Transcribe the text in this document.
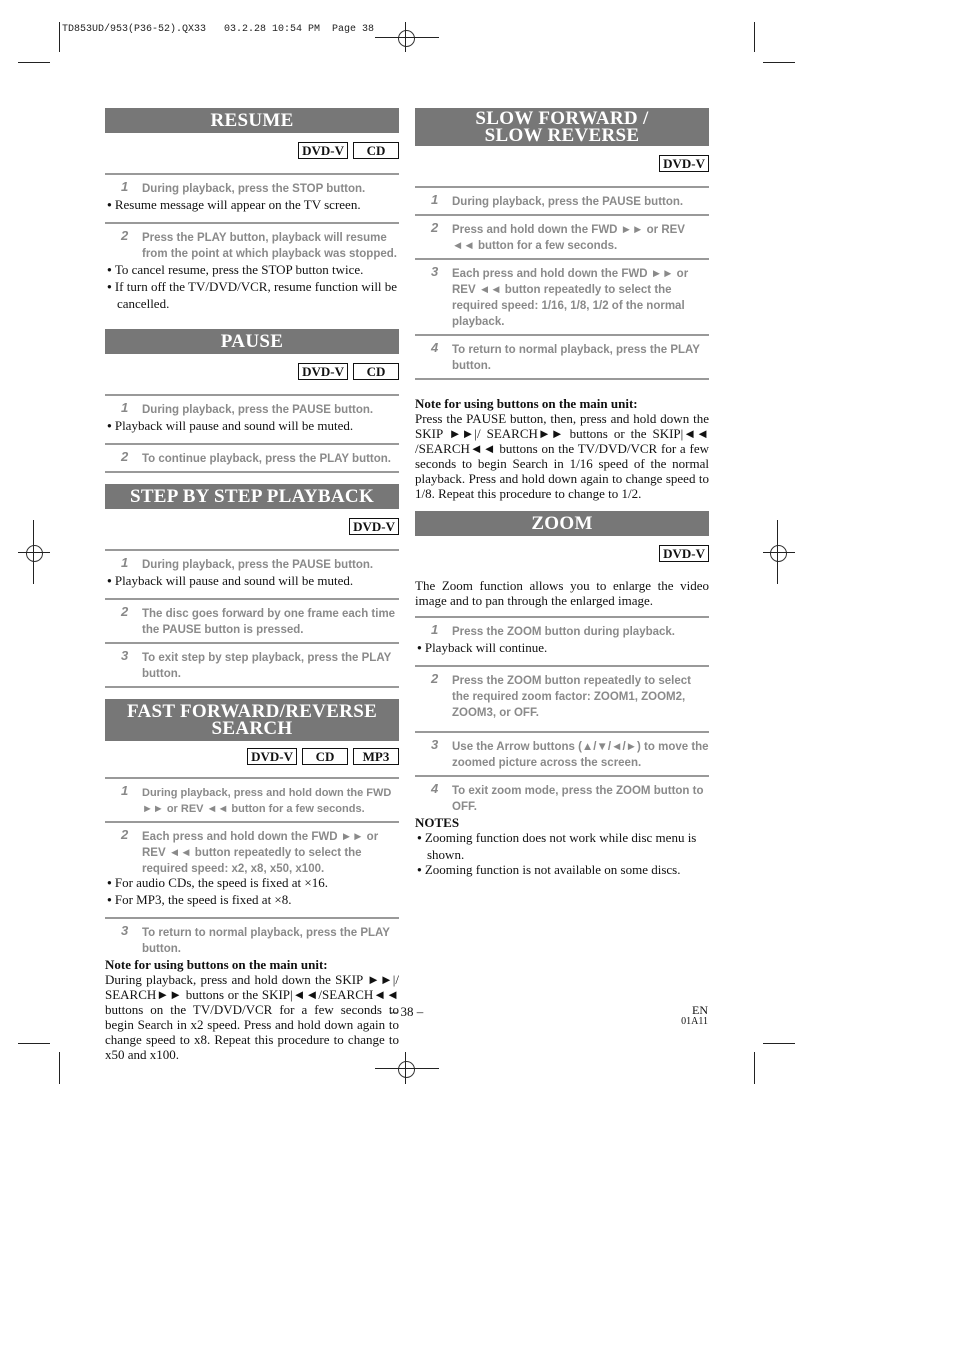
TD853UD/953(P36-52).QX33   03.2.28 10:54 PM  Page 38
RESUME
DVD-V CD
1	During playback, press the STOP button.
● Resume message will appear on the TV screen.
2	Press the PLAY button, playback will resume from the point at which playback was stopped.
● To cancel resume, press the STOP button twice.
● If turn off the TV/DVD/VCR, resume function will be cancelled.
PAUSE
DVD-V CD
1	During playback, press the PAUSE button.
● Playback will pause and sound will be muted.
2	To continue playback, press the PLAY button.
STEP BY STEP PLAYBACK
DVD-V
1	During playback, press the PAUSE button.
● Playback will pause and sound will be muted.
2	The disc goes forward by one frame each time the PAUSE button is pressed.
3	To exit step by step playback, press the PLAY button.
FAST FORWARD/REVERSE
SEARCH
DVD-V CD MP3
1	During playback, press and hold down the FWD ►► or REV ◄◄ button for a few seconds.
2	Each press and hold down the FWD ►► or REV ◄◄ button repeatedly to select the required speed: x2, x8, x50, x100.
● For audio CDs, the speed is fixed at ×16.
● For MP3, the speed is fixed at ×8.
3	To return to normal playback, press the PLAY button.
Note for using buttons on the main unit:
During playback, press and hold down the SKIP ►►|/ SEARCH►► buttons or the SKIP|◄◄/SEARCH◄◄ buttons on the TV/DVD/VCR for a few seconds to begin Search in x2 speed. Press and hold down again to change speed to x8. Repeat this procedure to change to x50 and x100.
SLOW FORWARD /
SLOW REVERSE
DVD-V
1	During playback, press the PAUSE button.
2	Press and hold down the FWD ►► or REV ◄◄ button for a few seconds.
3	Each press and hold down the FWD ►► or REV ◄◄ button repeatedly to select the required speed: 1/16, 1/8, 1/2 of the normal playback.
4	To return to normal playback, press the PLAY button.
Note for using buttons on the main unit:
Press the PAUSE button, then, press and hold down the SKIP ►►|/ SEARCH►► buttons or the SKIP|◄◄ /SEARCH◄◄ buttons on the TV/DVD/VCR for a few seconds to begin Search in 1/16 speed of the normal playback. Press and hold down again to change speed to 1/8. Repeat this procedure to change to 1/2.
ZOOM
DVD-V
The Zoom function allows you to enlarge the video image and to pan through the enlarged image.
1	Press the ZOOM button during playback.
● Playback will continue.
2	Press the ZOOM button repeatedly to select the required zoom factor: ZOOM1, ZOOM2, ZOOM3, or OFF.
3	Use the Arrow buttons (▲/▼/◄/►) to move the zoomed picture across the screen.
4	To exit zoom mode, press the ZOOM button to OFF.
NOTES
● Zooming function does not work while disc menu is shown.
● Zooming function is not available on some discs.
– 38 –	EN
01A11
